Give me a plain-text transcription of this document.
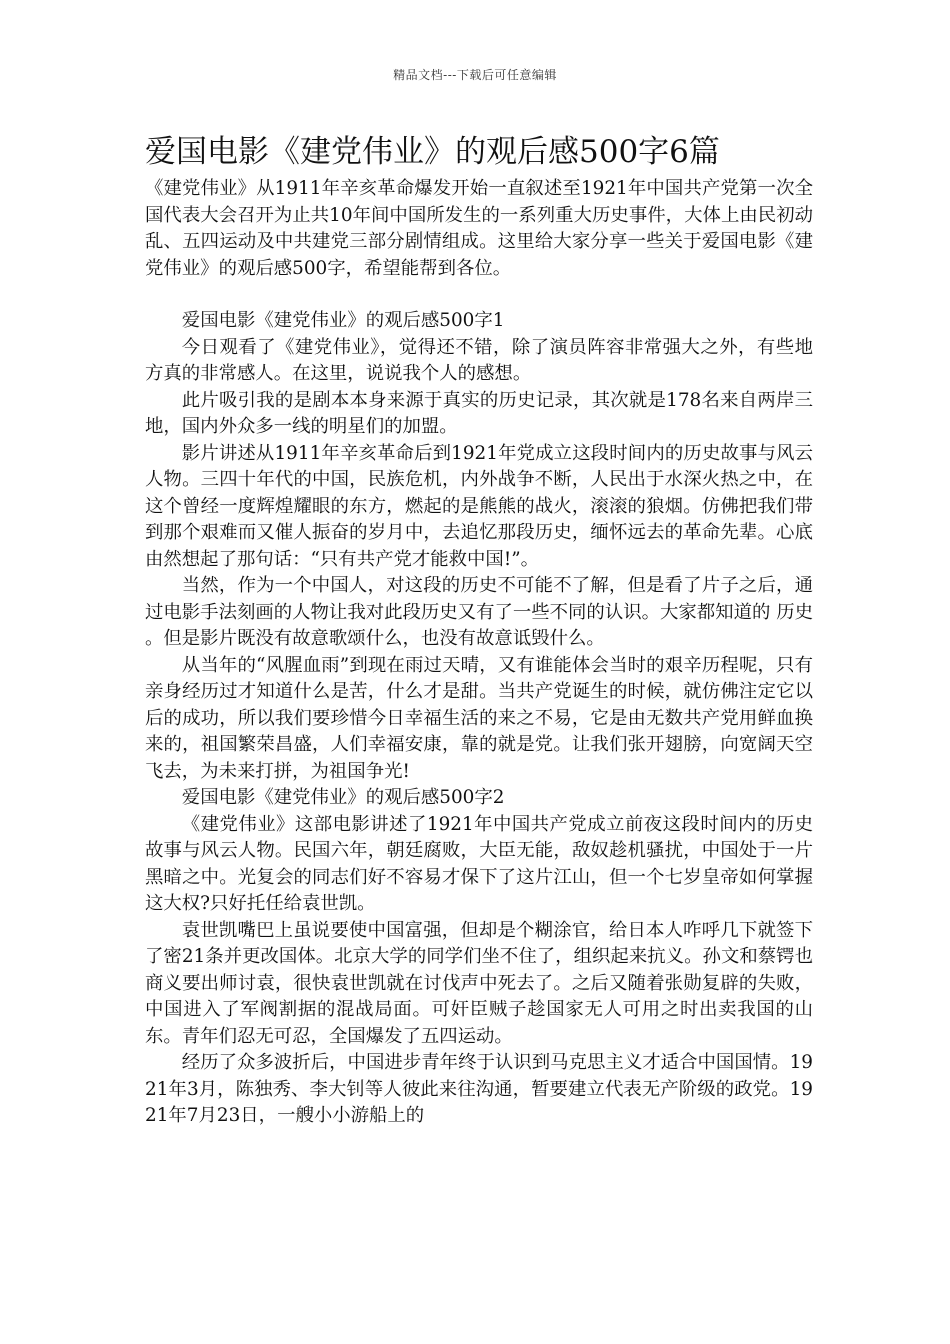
精品文档---下载后可任意编辑
爱国电影《建党伟业》的观后感500字6篇

《建党伟业》从1911年辛亥革命爆发开始一直叙述至1921年中国共产党第一次全国代表大会召开为止共10年间中国所发生的一系列重大历史事件，大体上由民初动乱、五四运动及中共建党三部分剧情组成。这里给大家分享一些关于爱国电影《建党伟业》的观后感500字，希望能帮到各位。

爱国电影《建党伟业》的观后感500字1

今日观看了《建党伟业》，觉得还不错，除了演员阵容非常强大之外，有些地方真的非常感人。在这里，说说我个人的感想。

此片吸引我的是剧本本身来源于真实的历史记录，其次就是178名来自两岸三地，国内外众多一线的明星们的加盟。

影片讲述从1911年辛亥革命后到1921年党成立这段时间内的历史故事与风云人物。三四十年代的中国，民族危机，内外战争不断，人民出于水深火热之中，在这个曾经一度辉煌耀眼的东方，燃起的是熊熊的战火，滚滚的狼烟。仿佛把我们带到那个艰难而又催人振奋的岁月中，去追忆那段历史，缅怀远去的革命先辈。心底由然想起了那句话：“只有共产党才能救中国!”。

当然，作为一个中国人，对这段的历史不可能不了解，但是看了片子之后，通过电影手法刻画的人物让我对此段历史又有了一些不同的认识。大家都知道的 历史 。但是影片既没有故意歌颂什么，也没有故意诋毁什么。

从当年的“风腥血雨”到现在雨过天晴，又有谁能体会当时的艰辛历程呢，只有亲身经历过才知道什么是苦，什么才是甜。当共产党诞生的时候，就仿佛注定它以后的成功，所以我们要珍惜今日幸福生活的来之不易，它是由无数共产党用鲜血换来的，祖国繁荣昌盛，人们幸福安康，靠的就是党。让我们张开翅膀，向宽阔天空飞去，为未来打拼，为祖国争光!

爱国电影《建党伟业》的观后感500字2

《建党伟业》这部电影讲述了1921年中国共产党成立前夜这段时间内的历史故事与风云人物。民国六年，朝廷腐败，大臣无能，敌奴趁机骚扰，中国处于一片黑暗之中。光复会的同志们好不容易才保下了这片江山，但一个七岁皇帝如何掌握这大权?只好托任给袁世凯。

袁世凯嘴巴上虽说要使中国富强，但却是个糊涂官，给日本人咋呼几下就签下了密21条并更改国体。北京大学的同学们坐不住了，组织起来抗义。孙文和蔡锷也商义要出师讨袁，很快袁世凯就在讨伐声中死去了。之后又随着张勋复辟的失败，中国进入了军阀割据的混战局面。可奸臣贼子趁国家无人可用之时出卖我国的山东。青年们忍无可忍，全国爆发了五四运动。

经历了众多波折后，中国进步青年终于认识到马克思主义才适合中国国情。1921年3月，陈独秀、李大钊等人彼此来往沟通，暂要建立代表无产阶级的政党。1921年7月23日，一艘小小游船上的
